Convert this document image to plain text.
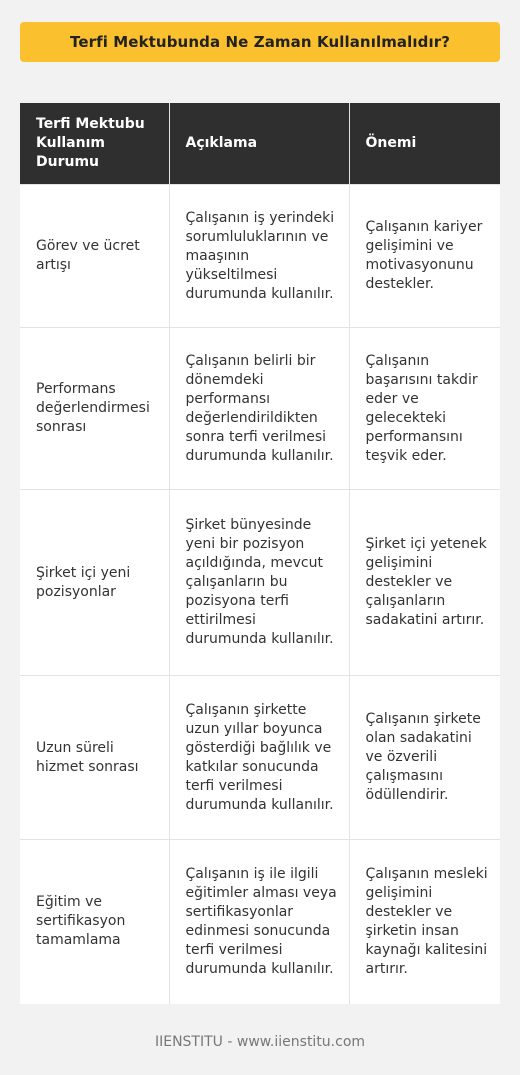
Terfi Mektubunda Ne Zaman Kullanılmalıdır?
Terfi Mektubu Kullanım Durumu	Açıklama	Önemi
Görev ve ücret artışı	Çalışanın iş yerindeki sorumluluklarının ve maaşının yükseltilmesi durumunda kullanılır.	Çalışanın kariyer gelişimini ve motivasyonunu destekler.
Performans değerlendirmesi sonrası	Çalışanın belirli bir dönemdeki performansı değerlendirildikten sonra terfi verilmesi durumunda kullanılır.	Çalışanın başarısını takdir eder ve gelecekteki performansını teşvik eder.
Şirket içi yeni pozisyonlar	Şirket bünyesinde yeni bir pozisyon açıldığında, mevcut çalışanların bu pozisyona terfi ettirilmesi durumunda kullanılır.	Şirket içi yetenek gelişimini destekler ve çalışanların sadakatini artırır.
Uzun süreli hizmet sonrası	Çalışanın şirkette uzun yıllar boyunca gösterdiği bağlılık ve katkılar sonucunda terfi verilmesi durumunda kullanılır.	Çalışanın şirkete olan sadakatini ve özverili çalışmasını ödüllendirir.
Eğitim ve sertifikasyon tamamlama	Çalışanın iş ile ilgili eğitimler alması veya sertifikasyonlar edinmesi sonucunda terfi verilmesi durumunda kullanılır.	Çalışanın mesleki gelişimini destekler ve şirketin insan kaynağı kalitesini artırır.
IIENSTITU - www.iienstitu.com
